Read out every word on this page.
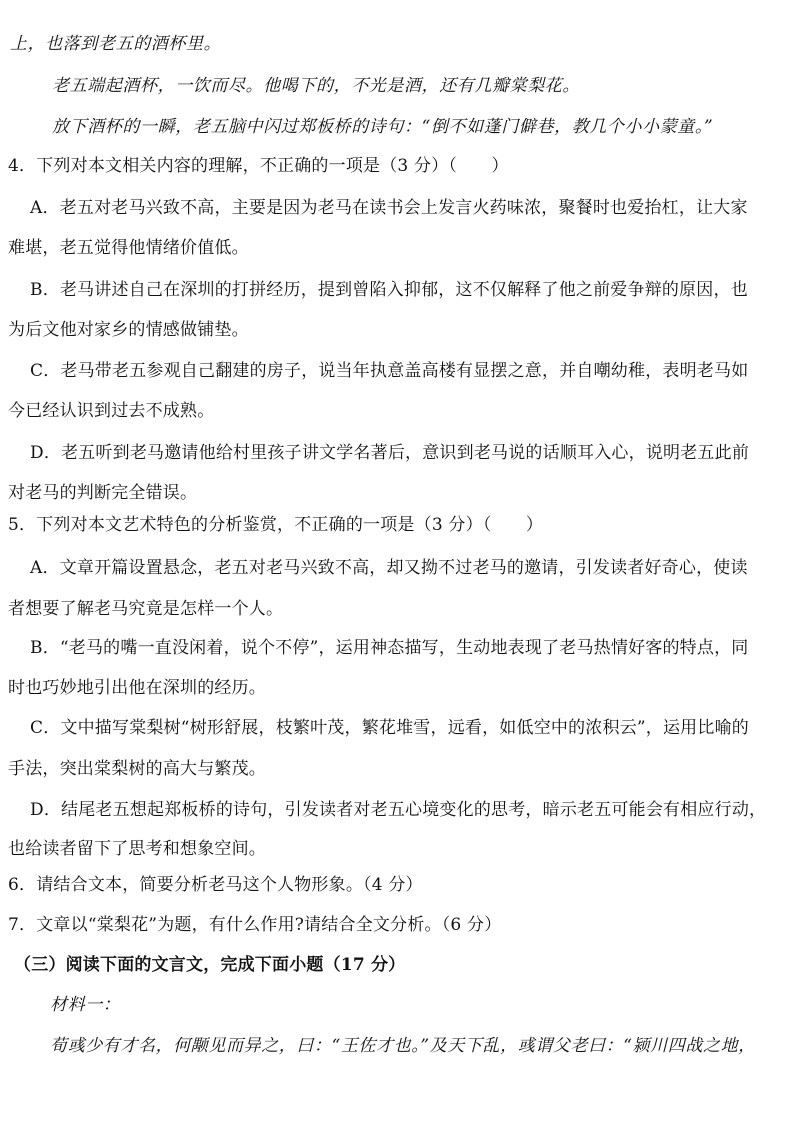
上，也落到老五的酒杯里。
老五端起酒杯，一饮而尽。他喝下的，不光是酒，还有几瓣棠梨花。
放下酒杯的一瞬，老五脑中闪过郑板桥的诗句：“倒不如蓬门僻巷，教几个小小蒙童。”
4．下列对本文相关内容的理解，不正确的一项是（3 分）（　　）
A．老五对老马兴致不高，主要是因为老马在读书会上发言火药味浓，聚餐时也爱抬杠，让大家
难堪，老五觉得他情绪价值低。
B．老马讲述自己在深圳的打拼经历，提到曾陷入抑郁，这不仅解释了他之前爱争辩的原因，也
为后文他对家乡的情感做铺垫。
C．老马带老五参观自己翻建的房子，说当年执意盖高楼有显摆之意，并自嘲幼稚，表明老马如
今已经认识到过去不成熟。
D．老五听到老马邀请他给村里孩子讲文学名著后，意识到老马说的话顺耳入心，说明老五此前
对老马的判断完全错误。
5．下列对本文艺术特色的分析鉴赏，不正确的一项是（3 分）（　　）
A．文章开篇设置悬念，老五对老马兴致不高，却又拗不过老马的邀请，引发读者好奇心，使读
者想要了解老马究竟是怎样一个人。
B．“老马的嘴一直没闲着，说个不停”，运用神态描写，生动地表现了老马热情好客的特点，同
时也巧妙地引出他在深圳的经历。
C．文中描写棠梨树“树形舒展，枝繁叶茂，繁花堆雪，远看，如低空中的浓积云”，运用比喻的
手法，突出棠梨树的高大与繁茂。
D．结尾老五想起郑板桥的诗句，引发读者对老五心境变化的思考，暗示老五可能会有相应行动，
也给读者留下了思考和想象空间。
6．请结合文本，简要分析老马这个人物形象。（4 分）
7．文章以“棠梨花”为题，有什么作用?请结合全文分析。（6 分）
（三）阅读下面的文言文，完成下面小题（17 分）
材料一：
荀彧少有才名，何颙见而异之，曰：“王佐才也。”及天下乱，彧谓父老曰：“颍川四战之地，
